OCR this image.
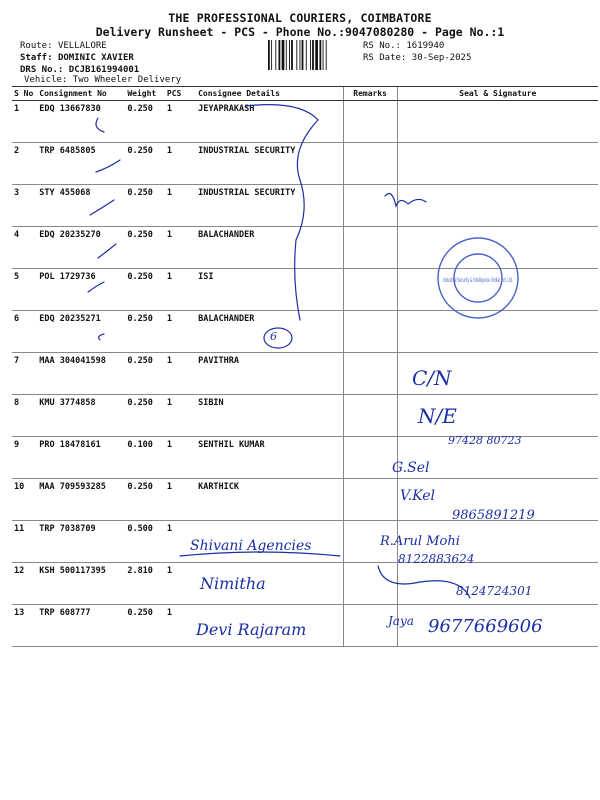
THE PROFESSIONAL COURIERS, COIMBATORE
Delivery Runsheet - PCS - Phone No.:9047080280 - Page No.:1
Route: VELLALORE
Staff: DOMINIC XAVIER
DRS No.: DCJB161994001
Vehicle: Two Wheeler Delivery
RS No.: 1619940
RS Date: 30-Sep-2025
S No	Consignment No	Weight	PCS	Consignee Details	Remarks	Seal & Signature
1	EDQ 13667830	0.250	1	JEYAPRAKASH		
2	TRP 6485805	0.250	1	INDUSTRIAL SECURITY		
3	STY 455068	0.250	1	INDUSTRIAL SECURITY		
4	EDQ 20235270	0.250	1	BALACHANDER		
5	POL 1729736	0.250	1	ISI		
6	EDQ 20235271	0.250	1	BALACHANDER		
7	MAA 304041598	0.250	1	PAVITHRA		
8	KMU 3774858	0.250	1	SIBIN		
9	PRO 18478161	0.100	1	SENTHIL KUMAR		
10	MAA 709593285	0.250	1	KARTHICK		
11	TRP 7038709	0.500	1			
12	KSH 500117395	2.810	1			
13	TRP 608777	0.250	1			
Industrial Security & Intelligence (India) Pvt. Ltd.
6
C/N
N/E
97428 80723
G.Sel
V.Kel
9865891219
Shivani Agencies	R.Arul Mohi
8122883624
Nimitha	8124724301
Devi Rajaram	Jaya 9677669606
